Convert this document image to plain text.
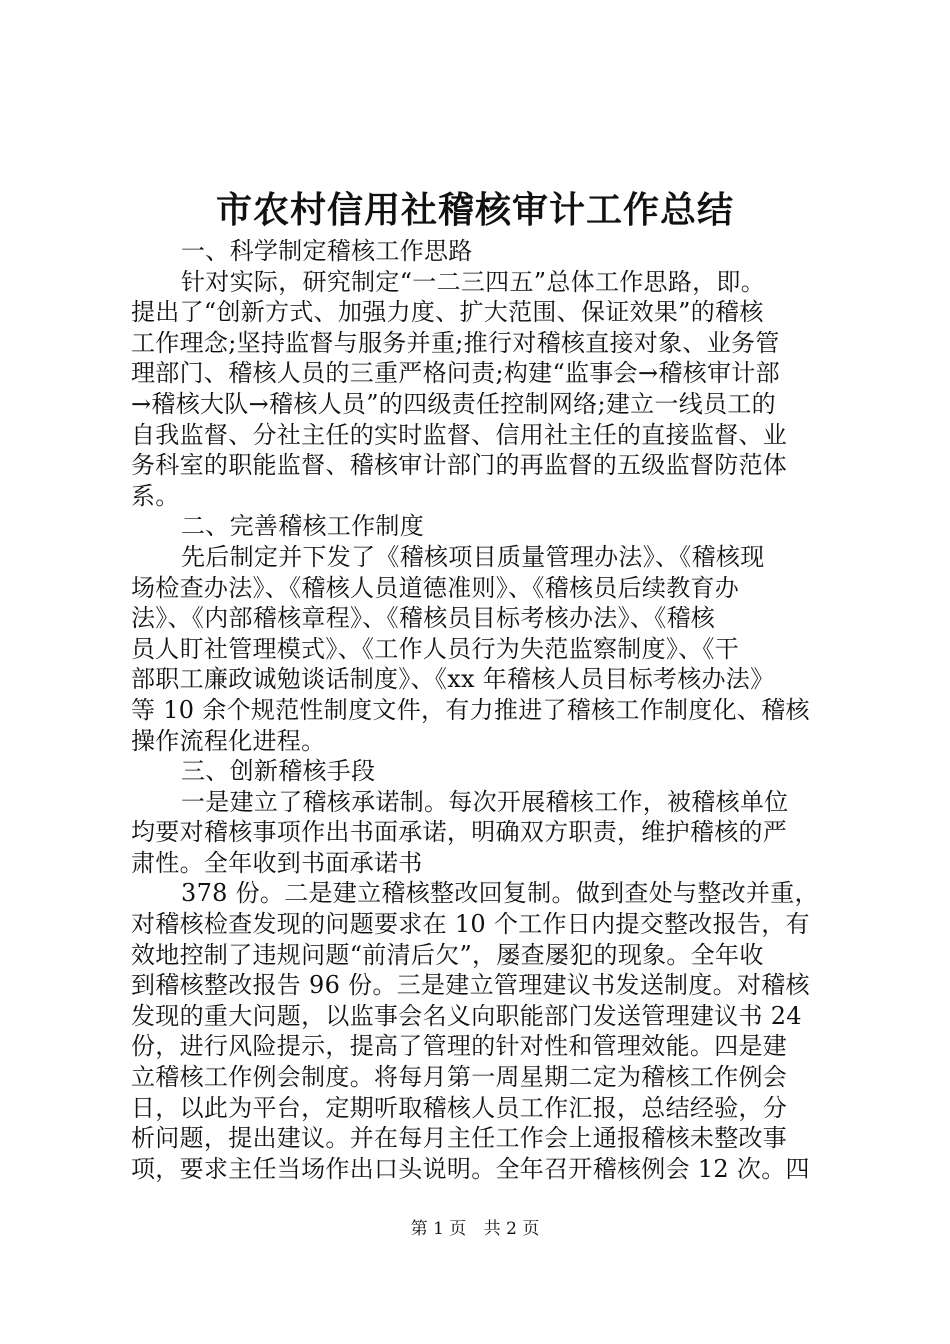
市农村信用社稽核审计工作总结
一、科学制定稽核工作思路
针对实际，研究制定“一二三四五”总体工作思路，即。
提出了“创新方式、加强力度、扩大范围、保证效果”的稽核
工作理念;坚持监督与服务并重;推行对稽核直接对象、业务管
理部门、稽核人员的三重严格问责;构建“监事会→稽核审计部
→稽核大队→稽核人员”的四级责任控制网络;建立一线员工的
自我监督、分社主任的实时监督、信用社主任的直接监督、业
务科室的职能监督、稽核审计部门的再监督的五级监督防范体
系。
二、完善稽核工作制度
先后制定并下发了《稽核项目质量管理办法》、《稽核现
场检查办法》、《稽核人员道德准则》、《稽核员后续教育办
法》、《内部稽核章程》、《稽核员目标考核办法》、《稽核
员人盯社管理模式》、《工作人员行为失范监察制度》、《干
部职工廉政诚勉谈话制度》、《xx 年稽核人员目标考核办法》
等 10 余个规范性制度文件，有力推进了稽核工作制度化、稽核
操作流程化进程。
三、创新稽核手段
一是建立了稽核承诺制。每次开展稽核工作，被稽核单位
均要对稽核事项作出书面承诺，明确双方职责，维护稽核的严
肃性。全年收到书面承诺书
378 份。二是建立稽核整改回复制。做到查处与整改并重，
对稽核检查发现的问题要求在 10 个工作日内提交整改报告，有
效地控制了违规问题“前清后欠”，屡查屡犯的现象。全年收
到稽核整改报告 96 份。三是建立管理建议书发送制度。对稽核
发现的重大问题，以监事会名义向职能部门发送管理建议书 24
份，进行风险提示，提高了管理的针对性和管理效能。四是建
立稽核工作例会制度。将每月第一周星期二定为稽核工作例会
日，以此为平台，定期听取稽核人员工作汇报，总结经验，分
析问题，提出建议。并在每月主任工作会上通报稽核未整改事
项，要求主任当场作出口头说明。全年召开稽核例会 12 次。四
第 1 页 共 2 页
